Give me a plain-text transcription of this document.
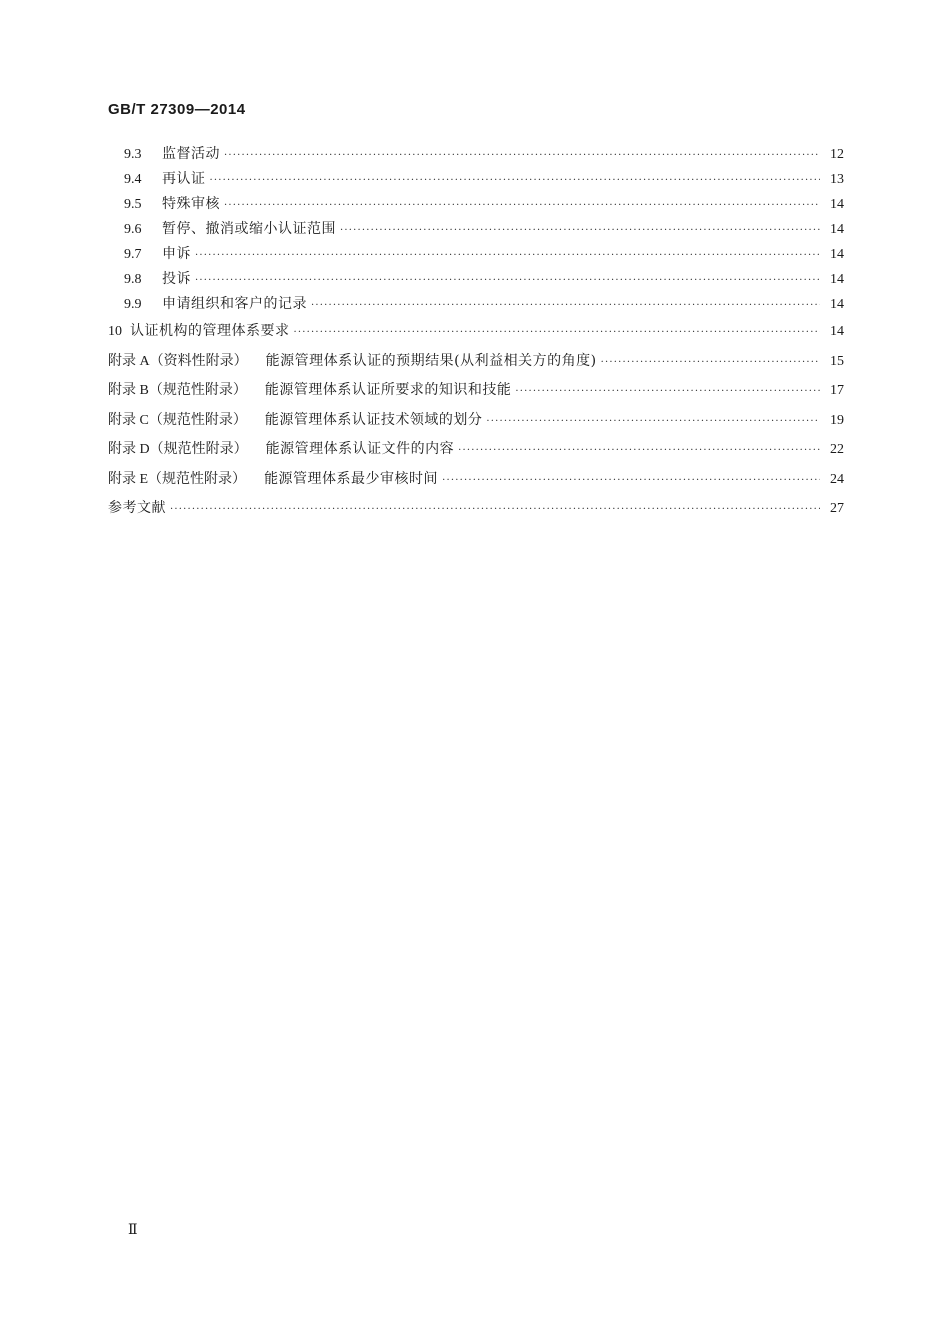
GB/T 27309—2014
9.3	监督活动 ·····	12
9.4	再认证 ·····	13
9.5	特殊审核 ·····	14
9.6	暂停、撤消或缩小认证范围 ·····	14
9.7	申诉 ·····	14
9.8	投诉 ·····	14
9.9	申请组织和客户的记录 ·····	14
10 认证机构的管理体系要求 ·····	14
附录 A（资料性附录）	能源管理体系认证的预期结果(从利益相关方的角度) ·····	15
附录 B（规范性附录）	能源管理体系认证所要求的知识和技能 ·····	17
附录 C（规范性附录）	能源管理体系认证技术领域的划分 ·····	19
附录 D（规范性附录）	能源管理体系认证文件的内容 ·····	22
附录 E（规范性附录）	能源管理体系最少审核时间 ·····	24
参考文献 ·····	27
Ⅱ
